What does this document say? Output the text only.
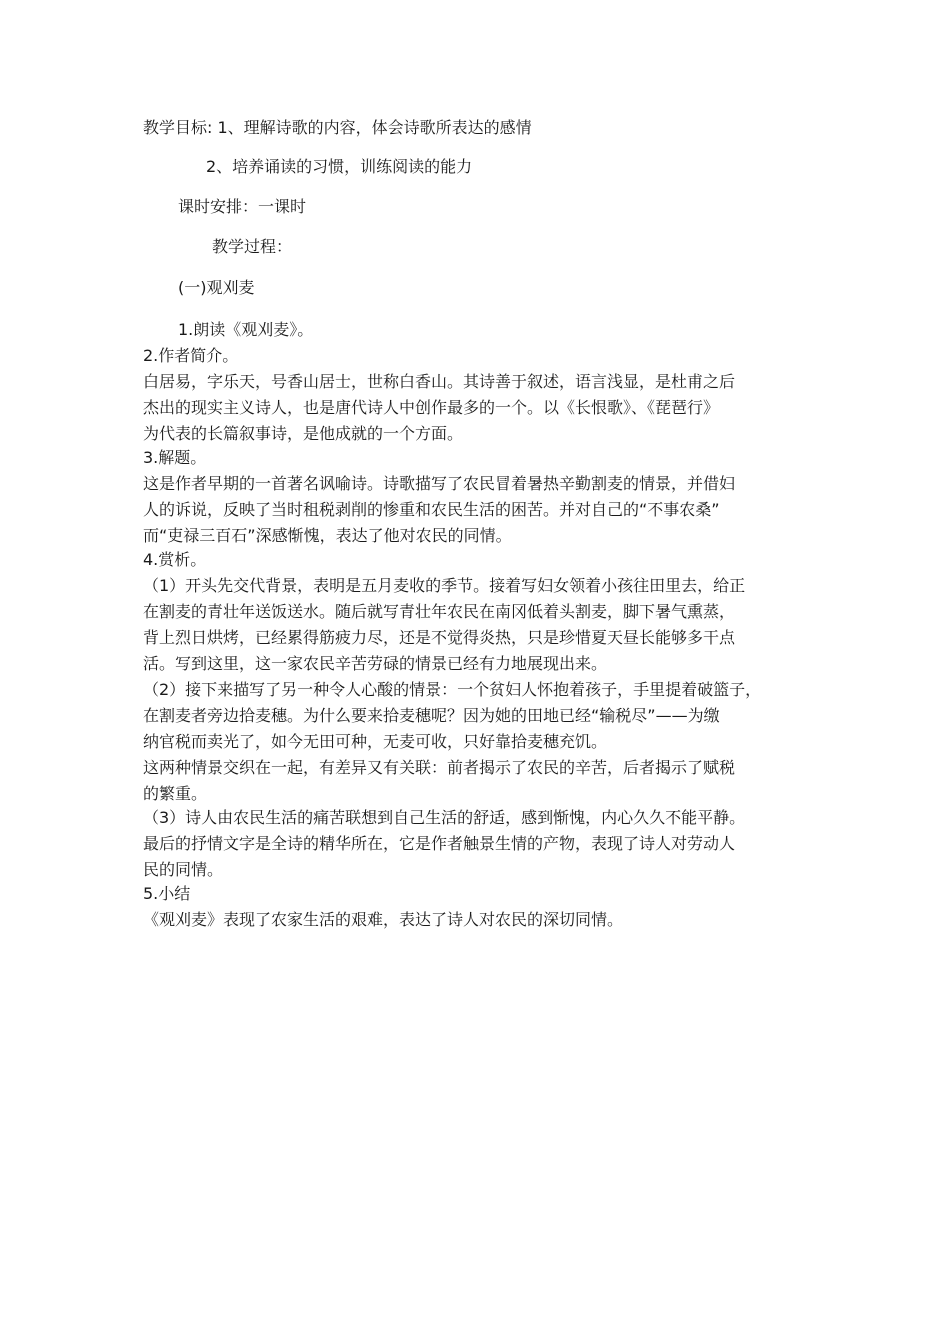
教学目标: 1、理解诗歌的内容，体会诗歌所表达的感情
2、培养诵读的习惯，训练阅读的能力
课时安排：一课时
教学过程：
(一)观刈麦
1.朗读《观刈麦》。
2.作者简介。
白居易，字乐天，号香山居士，世称白香山。其诗善于叙述，语言浅显，是杜甫之后
杰出的现实主义诗人，也是唐代诗人中创作最多的一个。以《长恨歌》、《琵琶行》
为代表的长篇叙事诗，是他成就的一个方面。
3.解题。
这是作者早期的一首著名讽喻诗。诗歌描写了农民冒着暑热辛勤割麦的情景，并借妇
人的诉说，反映了当时租税剥削的惨重和农民生活的困苦。并对自己的“不事农桑”
而“吏禄三百石”深感惭愧，表达了他对农民的同情。
4.赏析。
（1）开头先交代背景，表明是五月麦收的季节。接着写妇女领着小孩往田里去，给正
在割麦的青壮年送饭送水。随后就写青壮年农民在南冈低着头割麦，脚下暑气熏蒸，
背上烈日烘烤，已经累得筋疲力尽，还是不觉得炎热，只是珍惜夏天昼长能够多干点
活。写到这里，这一家农民辛苦劳碌的情景已经有力地展现出来。
（2）接下来描写了另一种令人心酸的情景：一个贫妇人怀抱着孩子，手里提着破篮子，
在割麦者旁边拾麦穗。为什么要来拾麦穗呢？因为她的田地已经“输税尽”——为缴
纳官税而卖光了，如今无田可种，无麦可收，只好靠拾麦穗充饥。
这两种情景交织在一起，有差异又有关联：前者揭示了农民的辛苦，后者揭示了赋税
的繁重。
（3）诗人由农民生活的痛苦联想到自己生活的舒适，感到惭愧，内心久久不能平静。
最后的抒情文字是全诗的精华所在，它是作者触景生情的产物，表现了诗人对劳动人
民的同情。
5.小结
《观刈麦》表现了农家生活的艰难，表达了诗人对农民的深切同情。
